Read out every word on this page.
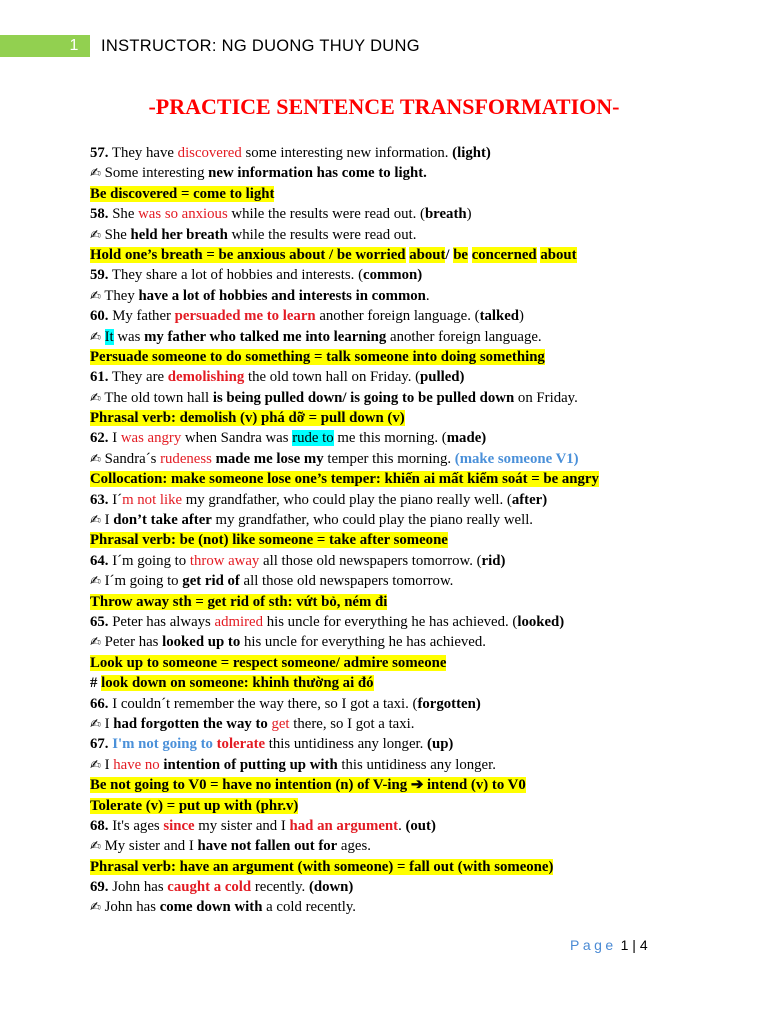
1	INSTRUCTOR: NG DUONG THUY DUNG
-PRACTICE SENTENCE TRANSFORMATION-
57. They have discovered some interesting new information. (light)
✍ Some interesting new information has come to light.
Be discovered = come to light
58. She was so anxious while the results were read out. (breath)
✍ She held her breath while the results were read out.
Hold one’s breath = be anxious about / be worried about/ be concerned about
59. They share a lot of hobbies and interests. (common)
✍ They have a lot of hobbies and interests in common.
60. My father persuaded me to learn another foreign language. (talked)
✍ It was my father who talked me into learning another foreign language.
Persuade someone to do something = talk someone into doing something
61. They are demolishing the old town hall on Friday. (pulled)
✍ The old town hall is being pulled down/ is going to be pulled down on Friday.
Phrasal verb: demolish (v) phá dỡ = pull down (v)
62. I was angry when Sandra was rude to me this morning. (made)
✍ Sandra´s rudeness made me lose my temper this morning. (make someone V1)
Collocation: make someone lose one’s temper: khiến ai mất kiểm soát = be angry
63. I´m not like my grandfather, who could play the piano really well. (after)
✍ I don’t take after my grandfather, who could play the piano really well.
Phrasal verb: be (not) like someone = take after someone
64. I´m going to throw away all those old newspapers tomorrow. (rid)
✍ I´m going to get rid of all those old newspapers tomorrow.
Throw away sth = get rid of sth: vứt bỏ, ném đi
65. Peter has always admired his uncle for everything he has achieved. (looked)
✍ Peter has looked up to his uncle for everything he has achieved.
Look up to someone = respect someone/ admire someone
# look down on someone: khinh thường ai đó
66. I couldn´t remember the way there, so I got a taxi. (forgotten)
✍ I had forgotten the way to get there, so I got a taxi.
67. I'm not going to tolerate this untidiness any longer. (up)
✍ I have no intention of putting up with this untidiness any longer.
Be not going to V0 = have no intention (n) of V-ing ➔ intend (v) to V0
Tolerate (v) = put up with (phr.v)
68. It's ages since my sister and I had an argument. (out)
✍ My sister and I have not fallen out for ages.
Phrasal verb: have an argument (with someone) = fall out (with someone)
69. John has caught a cold recently. (down)
✍ John has come down with a cold recently.
Page 1 | 4
